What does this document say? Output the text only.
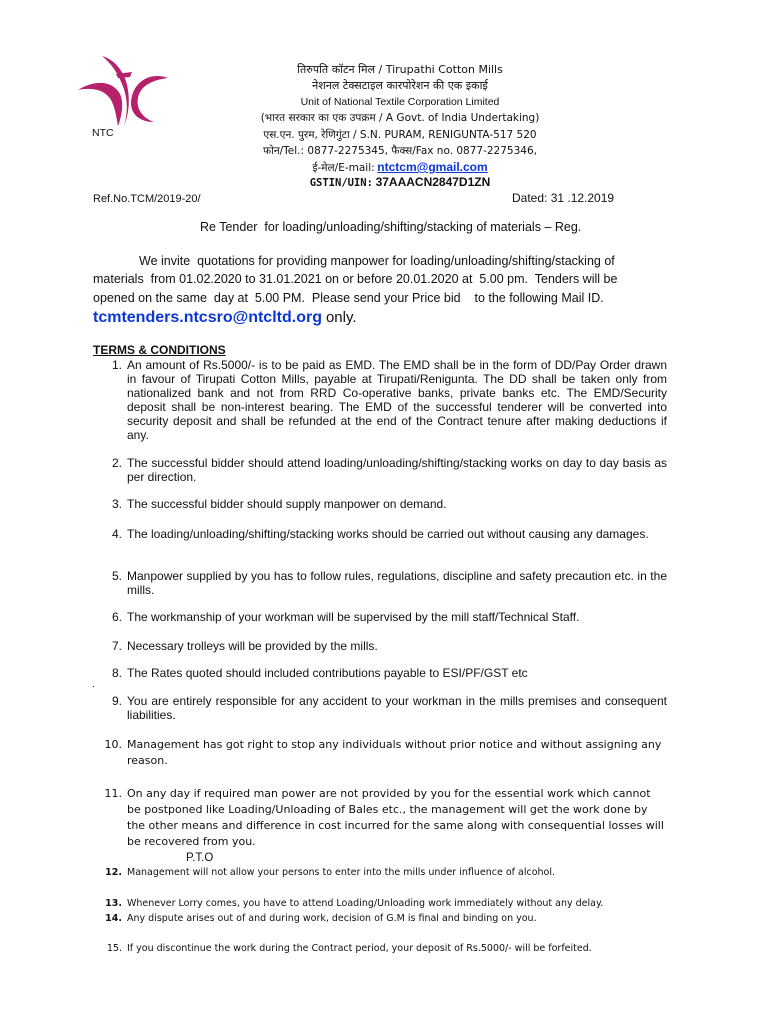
NTC
तिरुपति कॉटन मिल / Tirupathi Cotton Mills
नेशनल टेक्सटाइल कारपोरेशन की एक इकाई
Unit of National Textile Corporation Limited
(भारत सरकार का एक उपक्रम / A Govt. of India Undertaking)
एस.एन. पुरम, रेणिगुंटा / S.N. PURAM, RENIGUNTA-517 520
फोन/Tel.: 0877-2275345, फैक्स/Fax no. 0877-2275346,
ई-मेल/E-mail: ntctcm@gmail.com
GSTIN/UIN: 37AAACN2847D1ZN
Ref.No.TCM/2019-20/	Dated: 31 .12.2019
Re Tender  for loading/unloading/shifting/stacking of materials – Reg.
We invite  quotations for providing manpower for loading/unloading/shifting/stacking of
materials  from 01.02.2020 to 31.01.2021 on or before 20.01.2020 at  5.00 pm.  Tenders will be
opened on the same  day at  5.00 PM.  Please send your Price bid    to the following Mail ID.
tcmtenders.ntcsro@ntcltd.org only.
TERMS & CONDITIONS
1. An amount of Rs.5000/- is to be paid as EMD. The EMD shall be in the form of DD/Pay Order drawn in favour of Tirupati Cotton Mills, payable at Tirupati/Renigunta. The DD shall be taken only from nationalized bank and not from RRD Co-operative banks, private banks etc. The EMD/Security deposit shall be non-interest bearing. The EMD of the successful tenderer will be converted into security deposit and shall be refunded at the end of the Contract tenure after making deductions if any.
2. The successful bidder should attend loading/unloading/shifting/stacking works on day to day basis as per direction.
3. The successful bidder should supply manpower on demand.
4. The loading/unloading/shifting/stacking works should be carried out without causing any damages.
5. Manpower supplied by you has to follow rules, regulations, discipline and safety precaution etc. in the mills.
6. The workmanship of your workman will be supervised by the mill staff/Technical Staff.
7. Necessary trolleys will be provided by the mills.
8. The Rates quoted should included contributions payable to ESI/PF/GST etc
.
9. You are entirely responsible for any accident to your workman in the mills premises and consequent liabilities.
10. Management has got right to stop any individuals without prior notice and without assigning any reason.
11. On any day if required man power are not provided by you for the essential work which cannot be postponed like Loading/Unloading of Bales etc., the management will get the work done by the other means and difference in cost incurred for the same along with consequential losses will be recovered from you.
P.T.O
12. Management will not allow your persons to enter into the mills under influence of alcohol.
13. Whenever Lorry comes, you have to attend Loading/Unloading work immediately without any delay.
14. Any dispute arises out of and during work, decision of G.M is final and binding on you.
15. If you discontinue the work during the Contract period, your deposit of Rs.5000/- will be forfeited.
